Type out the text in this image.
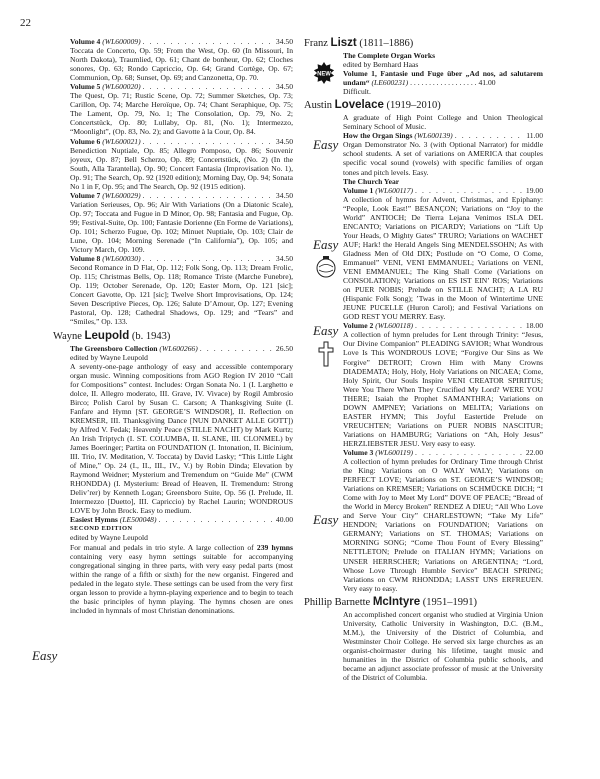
22
Volume 4
(WL600009) . . .	34.50

Toccata de Concerto, Op. 59; From the West, Op. 60 (In Missouri, In North Dakota), Traumlied, Op. 61; Chant de bonheur, Op. 62; Cloches sonores, Op. 63; Rondo Capriccio, Op. 64; Grand Cortège, Op. 67; Communion, Op. 68; Sunset, Op. 69; and Canzonetta, Op. 70.

Volume 5
(WL600020) . . .	34.50

The Quest, Op. 71; Rustic Scene, Op. 72; Summer Sketches, Op. 73; Carillon, Op. 74; Marche Heroïque, Op. 74; Chant Seraphique, Op. 75; The Lament, Op. 79, No. 1; The Consolation, Op. 79, No. 2; Concertstück, Op. 80; Lullaby, Op. 81, (No. 1); Intermezzo, “Moonlight”, (Op. 83, No. 2); and Gavotte à la Cour, Op. 84.

Volume 6
(WL600021) . . .	34.50

Benediction Nuptiale, Op. 85; Allegro Pomposo, Op. 86; Souvenir joyeux, Op. 87; Bell Scherzo, Op. 89; Concertstück, (No. 2) (In the South, Alla Tarantella), Op. 90; Concert Fantasia (Improvisation No. 1), Op. 91; The Search, Op. 92 (1920 edition); Morning Day, Op. 94; Sonata No 1 in F, Op. 95; and The Search, Op. 92 (1915 edition).

Volume 7
(WL600029) . . .	34.50

Variation Serieuses, Op. 96; Air With Variations (On a Diatonic Scale), Op. 97; Toccata and Fugue in D Minor, Op. 98; Fantasia and Fugue, Op. 99; Festival-Suite, Op. 100; Fantasie Dorienne (En Forme de Variations), Op. 101; Scherzo Fugue, Op. 102; Minuet Nuptiale, Op. 103; Clair de Lune, Op. 104; Morning Serenade (“In California”), Op. 105; and Victory March, Op. 109.

Volume 8
(WL600030) . . .	34.50

Second Romance in D Flat, Op. 112; Folk Song, Op. 113; Dream Frolic, Op. 115; Christmas Bells, Op. 118; Romance Triste (Marche Funebre), Op. 119; October Serenade, Op. 120; Easter Morn, Op. 121 [sic]; Concert Gavotte, Op. 121 [sic]; Twelve Short Improvisations, Op. 124; Seven Descriptive Pieces, Op. 126; Salute D’Amour, Op. 127; Evening Pastoral, Op. 128; Cathedral Shadows, Op. 129; and “Tears” and “Smiles,” Op. 133.

Wayne Leupold (b. 1943)
The Greensboro Collection
(WL600266) . . .	26.50
edited by Wayne Leupold

A seventy-one-page anthology of easy and accessible contemporary organ music. Winning compositions from AGO Region IV 2010 “Call for Compositions” contest. Includes: Organ Sonata No. 1 (I. Larghetto e dolce, II. Allegro moderato, III. Grave, IV. Vivace) by Rogil Ambrosio Birco; Polish Carol by Susan C. Carson; A Thanksgiving Suite (I. Fanfare and Hymn [ST. GEORGE’S WINDSOR], II. Reflection on KREMSER, III. Thanksgiving Dance [NUN DANKET ALLE GOTT]) by Alfred V. Fedak; Heavenly Peace (STILLE NACHT) by Mark Kurtz; An Irish Triptych (I. ST. COLUMBA, II. SLANE, III. CLONMEL) by James Boeringer; Partita on FOUNDATION (I. Intonation, II. Bicinium, III. Trio, IV. Meditation, V. Toccata) by David Lasky; “This Little Light of Mine,” Op. 24 (I., II., III., IV., V.) by Robin Dinda; Elevation by Raymond Weidner; Mysterium and Tremendum on “Guide Me” (CWM RHONDDA) (I. Mysterium: Bread of Heaven, II. Tremendum: Strong Deliv’rer) by Kenneth Logan; Greensboro Suite, Op. 56 (I. Prelude, II. Intermezzo [Duetto], III. Capriccio) by Rachel Laurin; WONDROUS LOVE by John Brock. Easy to medium.

Easiest Hymns
(LE500048) . . .	40.00
SECOND EDITION
edited by Wayne Leupold

For manual and pedals in trio style. A large collection of 239 hymns containing very easy hymn settings suitable for accompanying congregational singing in three parts, with very easy pedal parts (most within the range of a fifth or sixth) for the new organist. Fingered and pedaled in the legato style. These settings can be used from the very first organ lesson to provide a hymn-playing experience and to begin to teach the basic principles of hymn playing. The hymns chosen are ones included in hymnals of most Christian denominations.

Easy
Franz Liszt (1811–1886)
The Complete Organ Works
edited by Bernhard Haas
Volume 1, Fantasie und Fuge über „Ad nos, ad salutarem undam“ (LE600231) . . . . . . . . . . . . . . . . . . 41.00
Difficult.
Austin Lovelace (1919–2010)

A graduate of High Point College and Union Theological Seminary School of Music.

How the Organ Sings
(WL600139) . . .	11.00

Organ Demonstrator No. 3 (with Optional Narrator) for middle school students. A set of variations on AMERICA that couples specific vocal sound (vowels) with specific families of organ tones and pitch levels. Easy.

The Church Year
Volume 1
(WL600117) . . .	19.00

A collection of hymns for Advent, Christmas, and Epiphany: “People, Look East!” BESANÇON; Variations on “Joy to the World” ANTIOCH; De Tierra Lejana Venimos ISLA DEL ENCANTO; Variations on PICARDY; Variations on “Lift Up Your Heads, O Mighty Gates” TRURO; Variations on WACHET AUF; Hark! the Herald Angels Sing MENDELSSOHN; As with Gladness Men of Old DIX; Postlude on “O Come, O Come, Emmanuel” VENI, VENI EMMANUEL; Variations on VENI, VENI EMMANUEL; The King Shall Come (Variations on CONSOLATION); Variations on ES IST EIN’ ROS; Variations on PUER NOBIS; Prelude on STILLE NACHT; A LA RU (Hispanic Folk Song); ’Twas in the Moon of Wintertime UNE JEUNE PUCELLE (Huron Carol); and Festival Variations on GOD REST YOU MERRY. Easy.

Volume 2
(WL600118) . . .	18.00

A collection of hymn preludes for Lent through Trinity: “Jesus, Our Divine Companion” PLEADING SAVIOR; What Wondrous Love Is This WONDROUS LOVE; “Forgive Our Sins as We Forgive” DETROIT; Crown Him with Many Crowns DIADEMATA; Holy, Holy, Holy Variations on NICAEA; Come, Holy Spirit, Our Souls Inspire VENI CREATOR SPIRITUS; Were You There When They Crucified My Lord? WERE YOU THERE; Isaiah the Prophet SAMANTHRA; Variations on DOWN AMPNEY; Variations on MELITA; Variations on EASTER HYMN; This Joyful Eastertide Prelude on VREUCHTEN; Variations on PUER NOBIS NASCITUR; Variations on HAMBURG; Variations on “Ah, Holy Jesus” HERZLIEBSTER JESU. Very easy to easy.

Volume 3
(WL600119) . . .	22.00

A collection of hymn preludes for Ordinary Time through Christ the King: Variations on O WALY WALY; Variations on PERFECT LOVE; Variations on ST. GEORGE’S WINDSOR; Variations on KREMSER; Variations on SCHMÜCKE DICH; “I Come with Joy to Meet My Lord” DOVE OF PEACE; “Bread of the World in Mercy Broken” RENDEZ A DIEU; “All Who Love and Serve Your City” CHARLESTOWN; “Take My Life” HENDON; Variations on FOUNDATION; Variations on GERMANY; Variations on ST. THOMAS; Variations on MORNING SONG; “Come Thou Fount of Every Blessing” NETTLETON; Prelude on ITALIAN HYMN; Variations on UNSER HERRSCHER; Variations on ARGENTINA; “Lord, Whose Love Through Humble Service” BEACH SPRING; Variations on CWM RHONDDA; LASST UNS ERFREUEN. Very easy to easy.

Phillip Barnette McIntyre (1951–1991)

An accomplished concert organist who studied at Virginia Union University, Catholic University in Washington, D.C. (B.M., M.M.), the University of the District of Columbia, and Westminster Choir College. He served six large churches as an organist-choirmaster during his lifetime, taught music and humanities in the District of Columbia public schools, and became an adjunct associate professor of music at the University of the District of Columbia.

NEW
Easy
Easy
Easy
Easy
